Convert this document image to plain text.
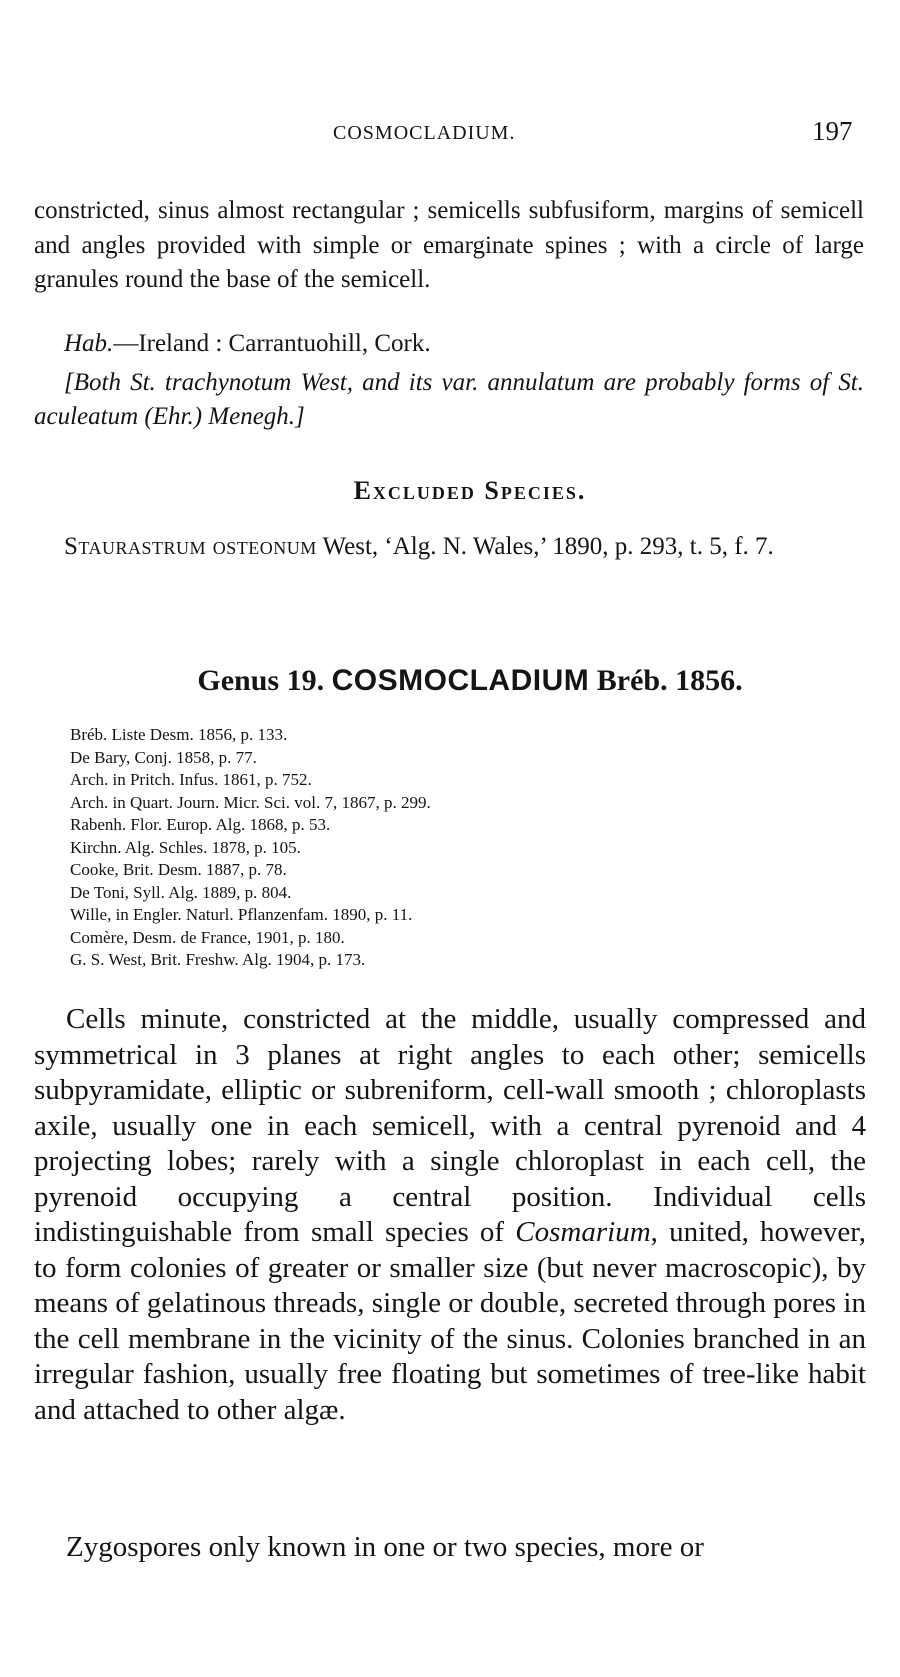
COSMOCLADIUM.	197

constricted, sinus almost rectangular ; semicells subfusiform, margins of semicell and angles provided with simple or emarginate spines ; with a circle of large granules round the base of the semicell.

Hab.—Ireland : Carrantuohill, Cork.

[Both St. trachynotum West, and its var. annulatum are probably forms of St. aculeatum (Ehr.) Menegh.]

Excluded Species.

Staurastrum osteonum West, ‘Alg. N. Wales,’ 1890, p. 293, t. 5, f. 7.

Genus 19. COSMOCLADIUM Bréb. 1856.
Bréb. Liste Desm. 1856, p. 133.
De Bary, Conj. 1858, p. 77.
Arch. in Pritch. Infus. 1861, p. 752.
Arch. in Quart. Journ. Micr. Sci. vol. 7, 1867, p. 299.
Rabenh. Flor. Europ. Alg. 1868, p. 53.
Kirchn. Alg. Schles. 1878, p. 105.
Cooke, Brit. Desm. 1887, p. 78.
De Toni, Syll. Alg. 1889, p. 804.
Wille, in Engler. Naturl. Pflanzenfam. 1890, p. 11.
Comère, Desm. de France, 1901, p. 180.
G. S. West, Brit. Freshw. Alg. 1904, p. 173.

Cells minute, constricted at the middle, usually compressed and symmetrical in 3 planes at right angles to each other; semicells subpyramidate, elliptic or subreniform, cell-wall smooth ; chloroplasts axile, usually one in each semicell, with a central pyrenoid and 4 projecting lobes; rarely with a single chloroplast in each cell, the pyrenoid occupying a central position. Individual cells indistinguishable from small species of Cosmarium, united, however, to form colonies of greater or smaller size (but never macroscopic), by means of gelatinous threads, single or double, secreted through pores in the cell membrane in the vicinity of the sinus. Colonies branched in an irregular fashion, usually free floating but sometimes of tree-like habit and attached to other algæ.

Zygospores only known in one or two species, more or
